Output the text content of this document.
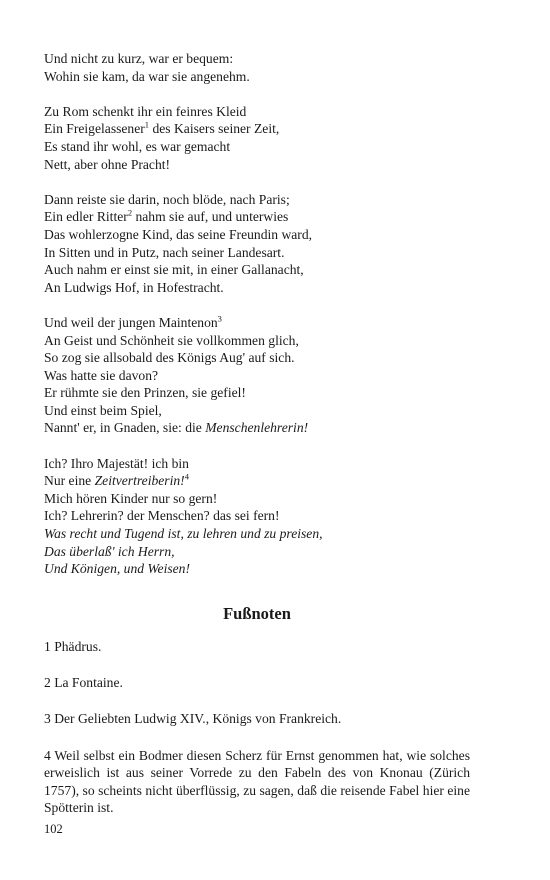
Und nicht zu kurz, war er bequem:
Wohin sie kam, da war sie angenehm.
Zu Rom schenkt ihr ein feinres Kleid
Ein Freigelassener$^1$ des Kaisers seiner Zeit,
Es stand ihr wohl, es war gemacht
Nett, aber ohne Pracht!
Dann reiste sie darin, noch blöde, nach Paris;
Ein edler Ritter$^2$ nahm sie auf, und unterwies
Das wohlerzogne Kind, das seine Freundin ward,
In Sitten und in Putz, nach seiner Landesart.
Auch nahm er einst sie mit, in einer Gallanacht,
An Ludwigs Hof, in Hofestracht.
Und weil der jungen Maintenon$^3$
An Geist und Schönheit sie vollkommen glich,
So zog sie allsobald des Königs Aug' auf sich.
Was hatte sie davon?
Er rühmte sie den Prinzen, sie gefiel!
Und einst beim Spiel,
Nannt' er, in Gnaden, sie: die Menschenlehrerin!
Ich? Ihro Majestät! ich bin
Nur eine Zeitvertreiberin!$^4$
Mich hören Kinder nur so gern!
Ich? Lehrerin? der Menschen? das sei fern!
Was recht und Tugend ist, zu lehren und zu preisen,
Das überlaß' ich Herrn,
Und Königen, und Weisen!
Fußnoten
1 Phädrus.
2 La Fontaine.
3 Der Geliebten Ludwig XIV., Königs von Frankreich.
4 Weil selbst ein Bodmer diesen Scherz für Ernst genommen hat, wie solches erweislich ist aus seiner Vorrede zu den Fabeln des von Knonau (Zürich 1757), so scheints nicht überflüssig, zu sagen, daß die reisende Fabel hier eine Spötterin ist.
102
